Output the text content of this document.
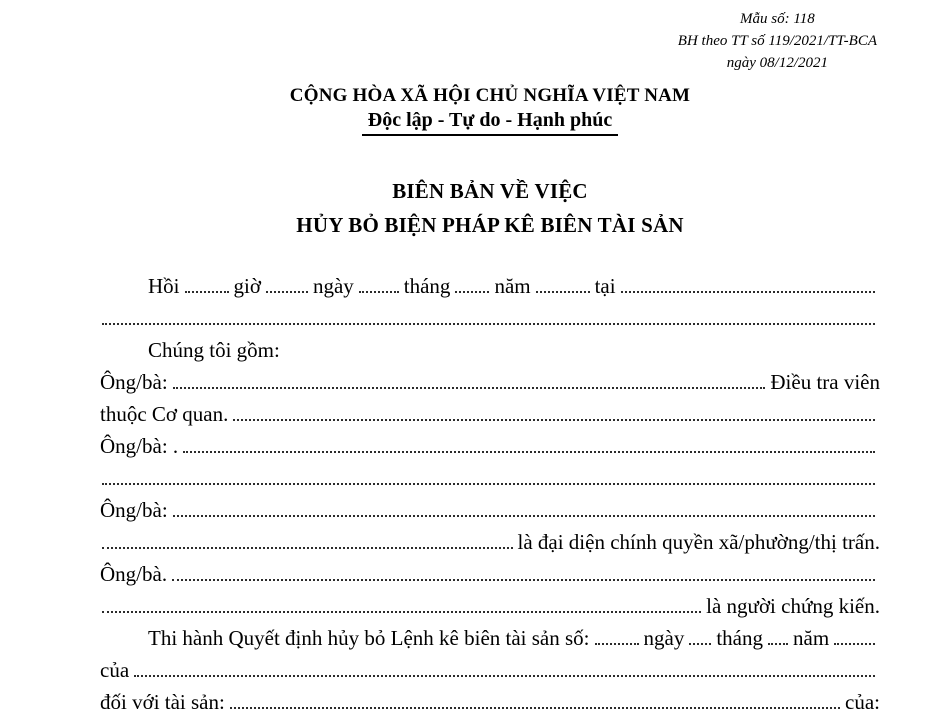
Mẫu số: 118
BH theo TT số 119/2021/TT-BCA
ngày 08/12/2021
CỘNG HÒA XÃ HỘI CHỦ NGHĨA VIỆT NAM
Độc lập - Tự do - Hạnh phúc
BIÊN BẢN VỀ VIỆC
HỦY BỎ BIỆN PHÁP KÊ BIÊN TÀI SẢN
Hồi	giờ ngày tháng năm	tại
Chúng tôi gồm:
Ông/bà:	Điều tra viên
thuộc Cơ quan.
Ông/bà: .
Ông/bà:
là đại diện chính quyền xã/phường/thị trấn.
Ông/bà.
là người chứng kiến.
Thi hành Quyết định hủy bỏ Lệnh kê biên tài sản số:	ngày tháng năm
của
đối với tài sản:	của:
